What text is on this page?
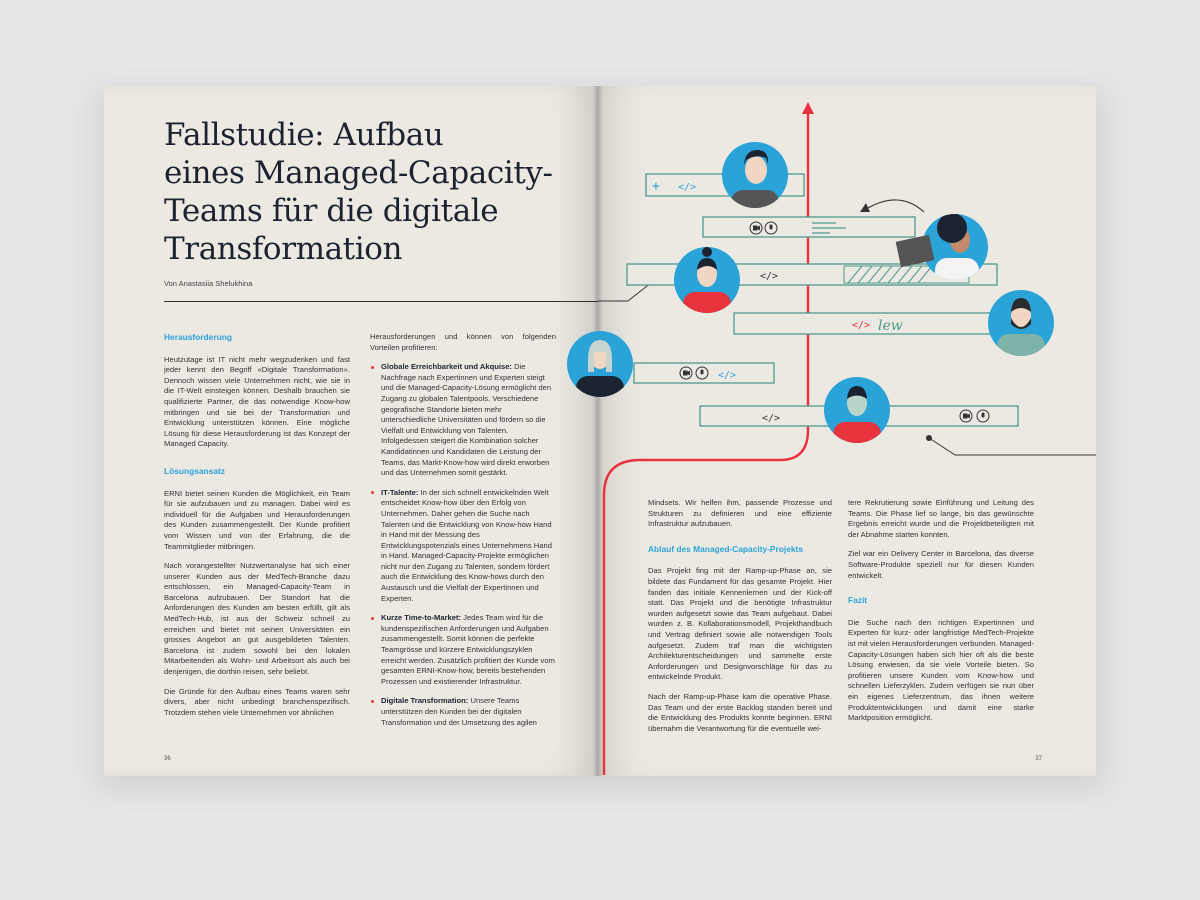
Fallstudie: Aufbau
eines Managed-Capacity-
Teams für die digitale
Transformation
Von Anastasiia Shelukhina
Herausforderung

Heutzutage ist IT nicht mehr wegzudenken und fast jeder kennt den Begriff «Digitale Transformation». Dennoch wissen viele Unternehmen nicht, wie sie in die IT-Welt einsteigen können. Deshalb brauchen sie qualifizierte Partner, die das notwendige Know-how mitbringen und sie bei der Transformation und Entwicklung unterstützen können. Eine mögliche Lösung für diese Herausforderung ist das Konzept der Managed Capacity.

Lösungsansatz

ERNI bietet seinen Kunden die Möglichkeit, ein Team für sie aufzubauen und zu managen. Dabei wird es individuell für die Aufgaben und Herausforderungen des Kunden zusammengestellt. Der Kunde profitiert vom Wissen und von der Erfahrung, die die Teammitglieder mitbringen.

Nach vorangestellter Nutzwertanalyse hat sich einer unserer Kunden aus der MedTech-Branche dazu entschlossen, ein Managed-Capacity-Team in Barcelona aufzubauen. Der Standort hat die Anforderungen des Kunden am besten erfüllt, gilt als MedTech-Hub, ist aus der Schweiz schnell zu erreichen und bietet mit seinen Universitäten ein grosses Angebot an gut ausgebildeten Talenten. Barcelona ist zudem sowohl bei den lokalen Mitarbeitenden als Wohn- und Arbeitsort als auch bei denjenigen, die dorthin reisen, sehr beliebt.

Die Gründe für den Aufbau eines Teams waren sehr divers, aber nicht unbedingt branchenspezifisch. Trotzdem stehen viele Unternehmen vor ähnlichen

Herausforderungen und können von folgenden Vorteilen profitieren:

Globale Erreichbarkeit und Akquise: Die Nachfrage nach Expertinnen und Experten steigt und die Managed-Capacity-Lösung ermöglicht den Zugang zu globalen Talentpools. Verschiedene geografische Standorte bieten mehr unterschiedliche Universitäten und fördern so die Vielfalt und Entwicklung von Talenten. Infolgedessen steigert die Kombination solcher Kandidatinnen und Kandidaten die Leistung der Teams, das Markt-Know-how wird direkt erworben und das Unternehmen somit gestärkt.
IT-Talente: In der sich schnell entwickelnden Welt entscheidet Know-how über den Erfolg von Unternehmen. Daher gehen die Suche nach Talenten und die Entwicklung von Know-how Hand in Hand mit der Messung des Entwicklungspotenzials eines Unternehmens Hand in Hand. Managed-Capacity-Projekte ermöglichen nicht nur den Zugang zu Talenten, sondern fördert auch die Entwicklung des Know-hows durch den Austausch und die Vielfalt der Expertinnen und Experten.
Kurze Time-to-Market: Jedes Team wird für die kundenspezifischen Anforderungen und Aufgaben zusammengestellt. Somit können die perfekte Teamgrösse und kürzere Entwicklungszyklen erreicht werden. Zusätzlich profitiert der Kunde vom gesamten ERNI-Know-how, bereits bestehenden Prozessen und existierender Infrastruktur.
Digitale Transformation: Unsere Teams unterstützen den Kunden bei der digitalen Transformation und der Umsetzung des agilen
36

Mindsets. Wir helfen ihm, passende Prozesse und Strukturen zu definieren und eine effiziente Infrastruktur aufzubauen.

Ablauf des Managed-Capacity-Projekts

Das Projekt fing mit der Ramp-up-Phase an, sie bildete das Fundament für das gesamte Projekt. Hier fanden das initiale Kennenlernen und der Kick-off statt. Das Projekt und die benötigte Infrastruktur wurden aufgesetzt sowie das Team aufgebaut. Dabei wurden z. B. Kollaborationsmodell, Projekthandbuch und Vertrag definiert sowie alle notwendigen Tools aufgesetzt. Zudem traf man die wichtigsten Architekturentscheidungen und sammelte erste Anforderungen und Designvorschläge für das zu entwickelnde Produkt.

Nach der Ramp-up-Phase kam die operative Phase. Das Team und der erste Backlog standen bereit und die Entwicklung des Produkts konnte beginnen. ERNI übernahm die Verantwortung für die eventuelle wei-

tere Rekrutierung sowie Einführung und Leitung des Teams. Die Phase lief so lange, bis das gewünschte Ergebnis erreicht wurde und die Projektbeteiligten mit der Abnahme starten konnten.

Ziel war ein Delivery Center in Barcelona, das diverse Software-Produkte speziell nur für diesen Kunden entwickelt.

Fazit

Die Suche nach den richtigen Expertinnen und Experten für kurz- oder langfristige MedTech-Projekte ist mit vielen Herausforderungen verbunden. Managed-Capacity-Lösungen haben sich hier oft als die beste Lösung erwiesen, da sie viele Vorteile bieten. So profitieren unsere Kunden vom Know-how und schnellen Lieferzyklen. Zudem verfügen sie nun über ein eigenes Lieferzentrum, das ihnen weitere Produktentwicklungen und damit eine starke Marktposition ermöglicht.

37
+ </>
</>
</> lew
</>
</>
